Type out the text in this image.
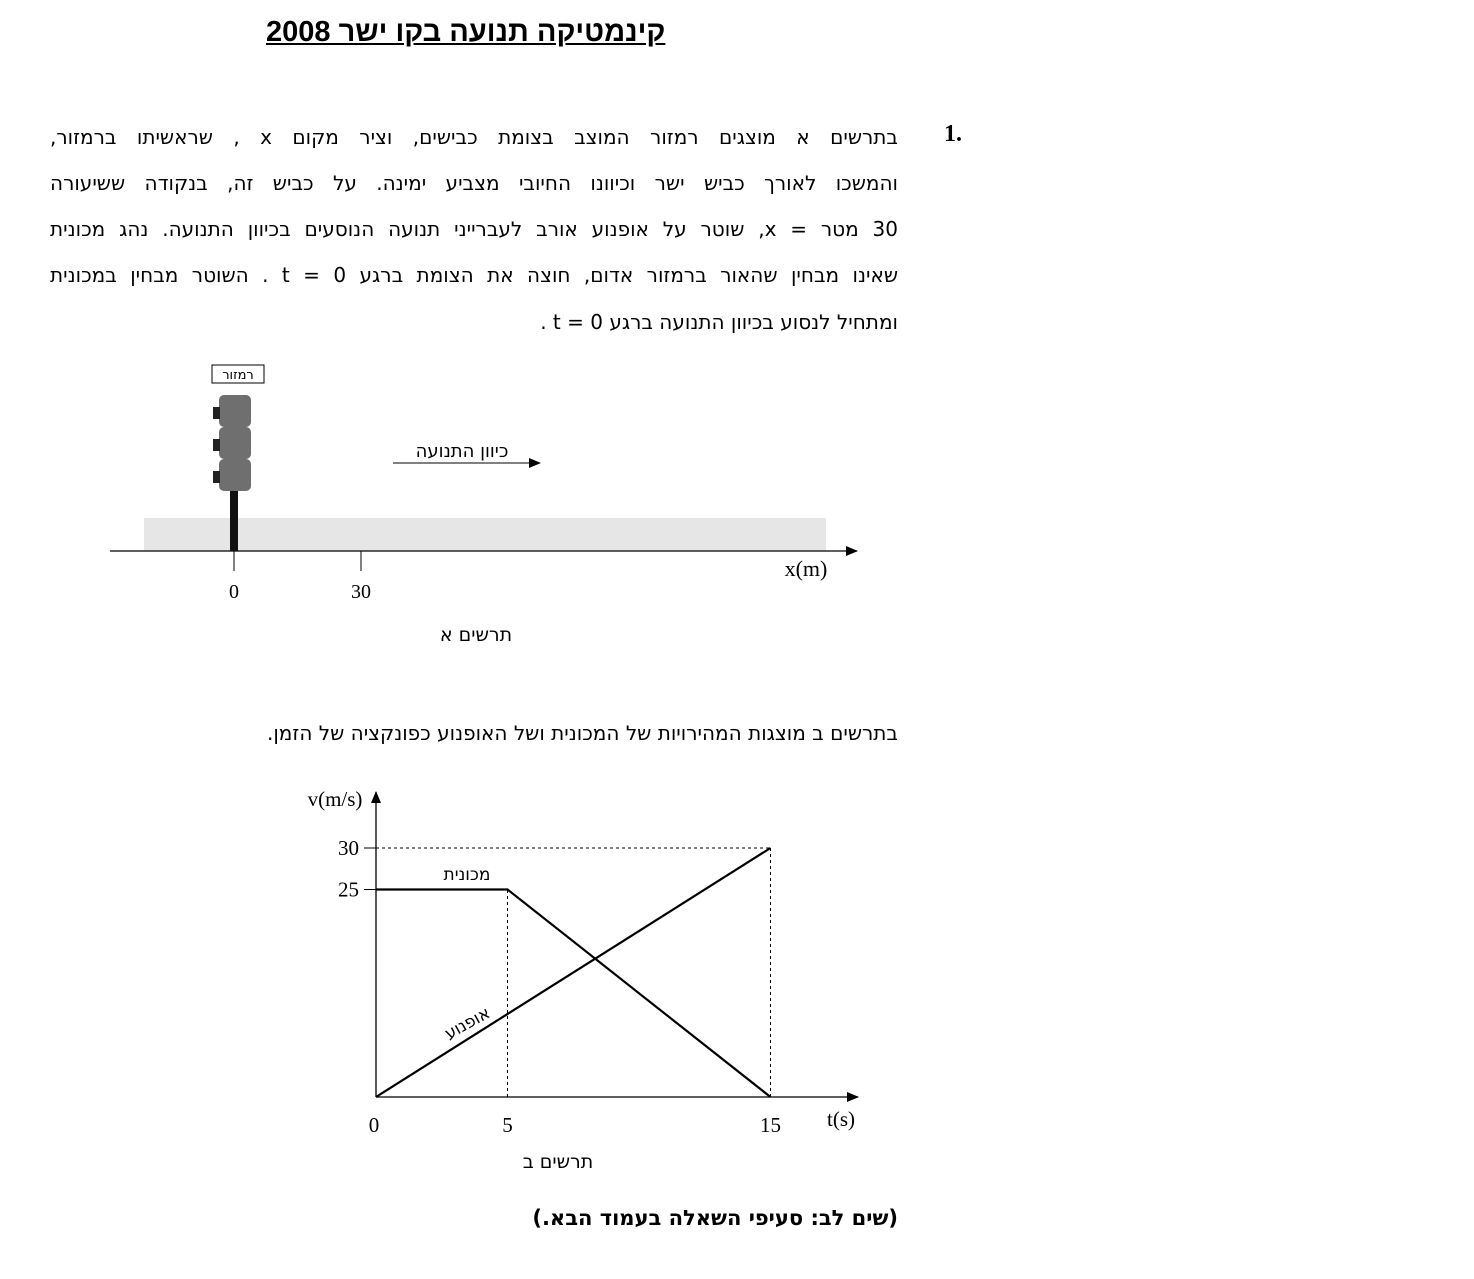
קינמטיקה תנועה בקו ישר 2008
1.
בתרשים א מוצגים רמזור המוצב בצומת כבישים, וציר מקום x , שראשיתו ברמזור,
והמשכו לאורך כביש ישר וכיוונו החיובי מצביע ימינה. על כביש זה, בנקודה ששיעורה
30 מטר = x, שוטר על אופנוע אורב לעברייני תנועה הנוסעים בכיוון התנועה. נהג מכונית
שאינו מבחין שהאור ברמזור אדום, חוצה את הצומת ברגע t = 0 . השוטר מבחין במכונית
ומתחיל לנסוע בכיוון התנועה ברגע t = 0 .
רמזור
כיוון התנועה
0	30
x(m)
תרשים א
בתרשים ב מוצגות המהירויות של המכונית ושל האופנוע כפונקציה של הזמן.
25
30
0	5	15
v(m/s)
t(s)
מכונית
אופנוע
תרשים ב
(שים לב: סעיפי השאלה בעמוד הבא.)
